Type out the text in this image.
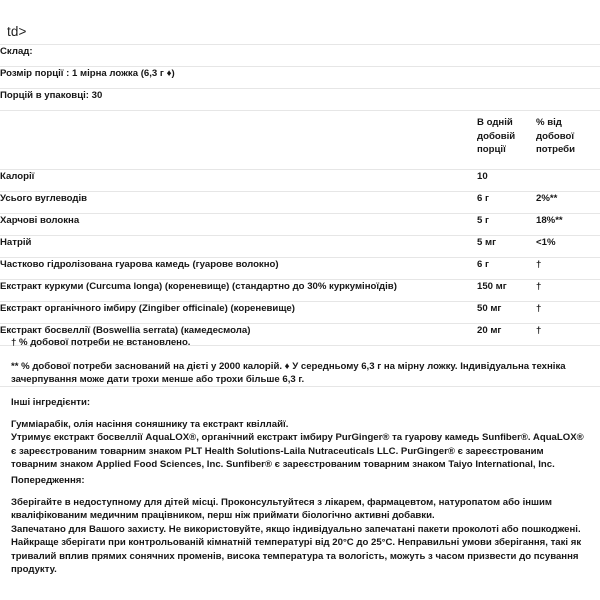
td>
Склад:		
Розмір порції : 1 мірна ложка (6,3 г ♦)		
Порцій в упаковці: 30		

	В одній добовій порції	% від добової потреби

Калорії	10	
Усього вуглеводів	6 г	2%**
Харчові волокна	5 г	18%**
Натрій	5 мг	<1%
Частково гідролізована гуарова камедь (гуарове волокно)	6 г	†
Екстракт куркуми (Curcuma longa) (кореневище) (стандартно до 30% куркуміноїдів)	150 мг	†
Екстракт органічного імбиру (Zingiber officinale) (кореневище)	50 мг	†
Екстракт босвеллії (Boswellia serrata) (камедесмола)	20 мг	†

† % добової потреби не встановлено.

** % добової потреби заснований на дієті у 2000 калорій. ♦ У середньому 6,3 г на мірну ложку. Індивідуальна техніка зачерпування може дати трохи менше або трохи більше 6,3 г.

Інші інгредієнти:

Гуммiарабiк, олія насіння соняшнику та екстракт квіллайї.

Утримує екстракт босвеллії AquaLOX®, органічний екстракт імбиру PurGinger® та гуарову камедь Sunfiber®. AquaLOX® є зареєстрованим товарним знаком PLT Health Solutions-Laila Nutraceuticals LLC. PurGinger® є зареєстрованим товарним знаком Applied Food Sciences, Inc. Sunfiber® є зареєстрованим товарним знаком Taiyo International, Inc.

Попередження:

Зберігайте в недоступному для дітей місці. Проконсультуйтеся з лікарем, фармацевтом, натуропатом або іншим кваліфікованим медичним працівником, перш ніж приймати біологічно активні добавки.

Запечатано для Вашого захисту. Не використовуйте, якщо індивідуально запечатані пакети проколоті або пошкоджені. Найкраще зберігати при контрольованій кімнатній температурі від 20°C до 25°C. Неправильні умови зберігання, такі як тривалий вплив прямих сонячних променів, висока температура та вологість, можуть з часом призвести до псування продукту.
